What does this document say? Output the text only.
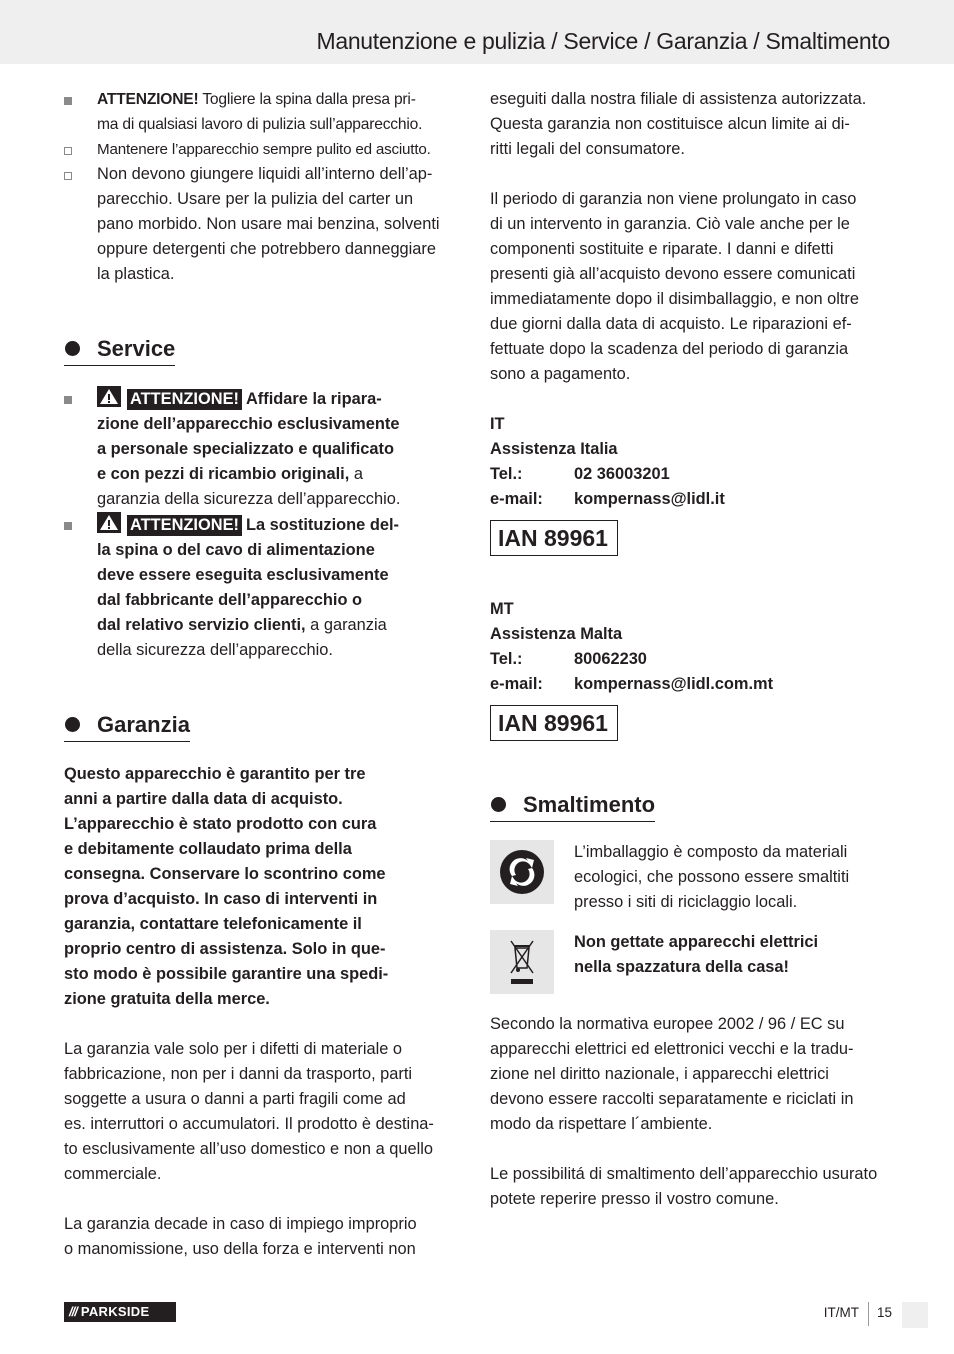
Manutenzione e pulizia / Service / Garanzia / Smaltimento
ATTENZIONE! Togliere la spina dalla presa pri-
ma di qualsiasi lavoro di pulizia sull’apparecchio.
Mantenere l’apparecchio sempre pulito ed asciutto.
Non devono giungere liquidi all’interno dell’ap-
parecchio. Usare per la pulizia del carter un
pano morbido. Non usare mai benzina, solventi
oppure detergenti che potrebbero danneggiare
la plastica.
Service
ATTENZIONE! Affidare la ripara-
zione dell’apparecchio esclusivamente
a personale specializzato e qualificato
e con pezzi di ricambio originali, a
garanzia della sicurezza dell’apparecchio.
ATTENZIONE! La sostituzione del-
la spina o del cavo di alimentazione
deve essere eseguita esclusivamente
dal fabbricante dell’apparecchio o
dal relativo servizio clienti, a garanzia
della sicurezza dell’apparecchio.
Garanzia
Questo apparecchio è garantito per tre
anni a partire dalla data di acquisto.
L’apparecchio è stato prodotto con cura
e debitamente collaudato prima della
consegna. Conservare lo scontrino come
prova d’acquisto. In caso di interventi in
garanzia, contattare telefonicamente il
proprio centro di assistenza. Solo in que-
sto modo è possibile garantire una spedi-
zione gratuita della merce.
La garanzia vale solo per i difetti di materiale o
fabbricazione, non per i danni da trasporto, parti
soggette a usura o danni a parti fragili come ad
es. interruttori o accumulatori. Il prodotto è destina-
to esclusivamente all’uso domestico e non a quello
commerciale.
La garanzia decade in caso di impiego improprio
o manomissione, uso della forza e interventi non
eseguiti dalla nostra filiale di assistenza autorizzata.
Questa garanzia non costituisce alcun limite ai di-
ritti legali del consumatore.
Il periodo di garanzia non viene prolungato in caso
di un intervento in garanzia. Ciò vale anche per le
componenti sostituite e riparate. I danni e difetti
presenti già all’acquisto devono essere comunicati
immediatamente dopo il disimballaggio, e non oltre
due giorni dalla data di acquisto. Le riparazioni ef-
fettuate dopo la scadenza del periodo di garanzia
sono a pagamento.
IT
Assistenza Italia
Tel.:	02 36003201
e-mail:	kompernass@lidl.it
IAN 89961
MT
Assistenza Malta
Tel.:	80062230
e-mail:	kompernass@lidl.com.mt
IAN 89961
Smaltimento
L’imballaggio è composto da materiali
ecologici, che possono essere smaltiti
presso i siti di riciclaggio locali.
Non gettate apparecchi elettrici
nella spazzatura della casa!
Secondo la normativa europee 2002 / 96 / EC su
apparecchi elettrici ed elettronici vecchi e la tradu-
zione nel diritto nazionale, i apparecchi elettrici
devono essere raccolti separatamente e riciclati in
modo da rispettare l´ambiente.
Le possibilitá di smaltimento dell’apparecchio usurato
potete reperire presso il vostro comune.
/// PARKSIDE	IT/MT 15
